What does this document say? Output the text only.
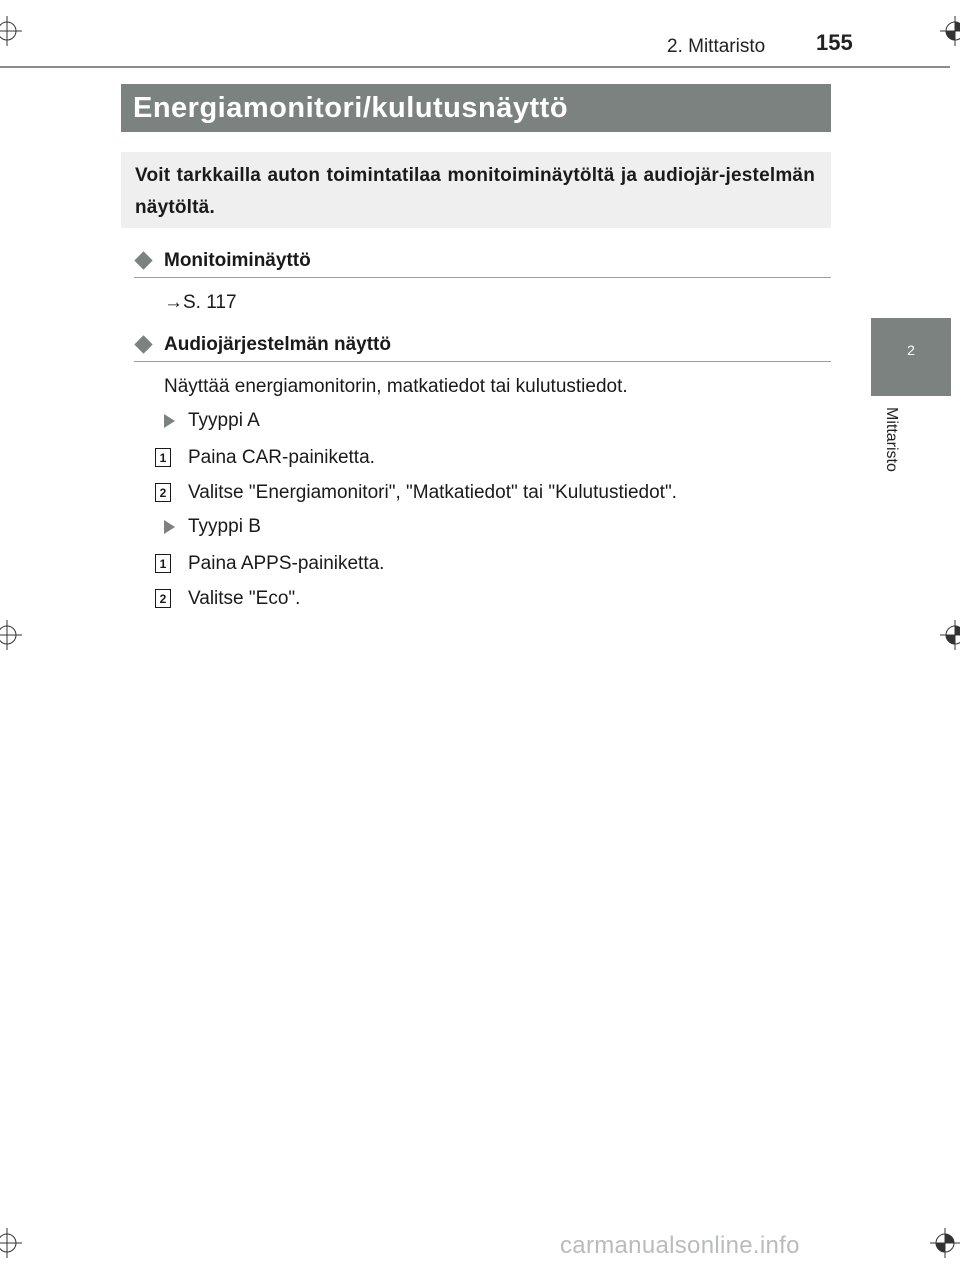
2. Mittaristo 155
Energiamonitori/kulutusnäyttö
Voit tarkkailla auton toimintatilaa monitoiminäytöltä ja audiojär-jestelmän näytöltä.
Monitoiminäyttö
→S. 117
Audiojärjestelmän näyttö
Näyttää energiamonitorin, matkatiedot tai kulutustiedot.
Tyyppi A
1 Paina CAR-painiketta.
2 Valitse "Energiamonitori", "Matkatiedot" tai "Kulutustiedot".
Tyyppi B
1 Paina APPS-painiketta.
2 Valitse "Eco".
2
Mittaristo
carmanualsonline.info
